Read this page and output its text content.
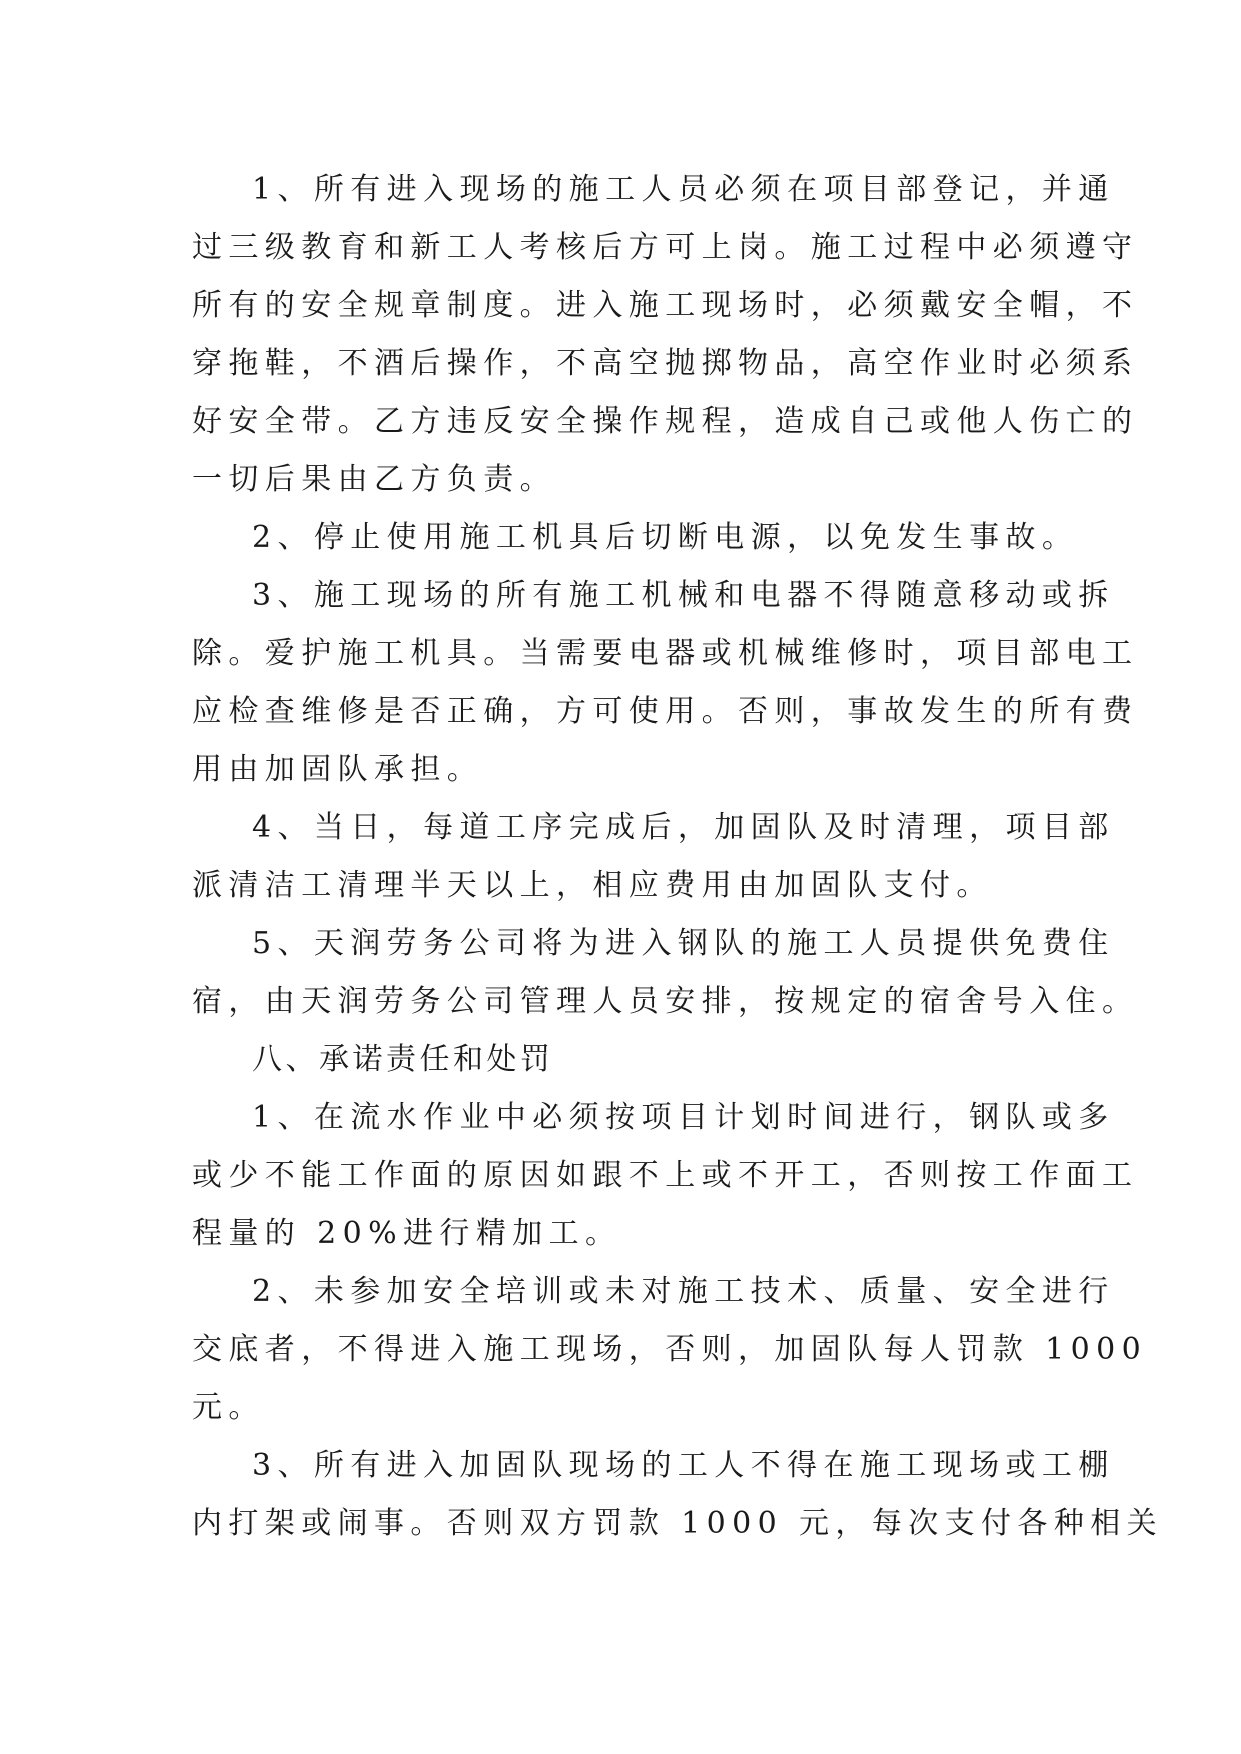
1、所有进入现场的施工人员必须在项目部登记，并通
过三级教育和新工人考核后方可上岗。施工过程中必须遵守
所有的安全规章制度。进入施工现场时，必须戴安全帽，不
穿拖鞋，不酒后操作，不高空抛掷物品，高空作业时必须系
好安全带。乙方违反安全操作规程，造成自己或他人伤亡的
一切后果由乙方负责。
2、停止使用施工机具后切断电源，以免发生事故。
3、施工现场的所有施工机械和电器不得随意移动或拆
除。爱护施工机具。当需要电器或机械维修时，项目部电工
应检查维修是否正确，方可使用。否则，事故发生的所有费
用由加固队承担。
4、当日，每道工序完成后，加固队及时清理，项目部
派清洁工清理半天以上，相应费用由加固队支付。
5、天润劳务公司将为进入钢队的施工人员提供免费住
宿，由天润劳务公司管理人员安排，按规定的宿舍号入住。
八、承诺责任和处罚
1、在流水作业中必须按项目计划时间进行，钢队或多
或少不能工作面的原因如跟不上或不开工，否则按工作面工
程量的 20%进行精加工。
2、未参加安全培训或未对施工技术、质量、安全进行
交底者，不得进入施工现场，否则，加固队每人罚款 1000
元。
3、所有进入加固队现场的工人不得在施工现场或工棚
内打架或闹事。否则双方罚款 1000 元，每次支付各种相关
